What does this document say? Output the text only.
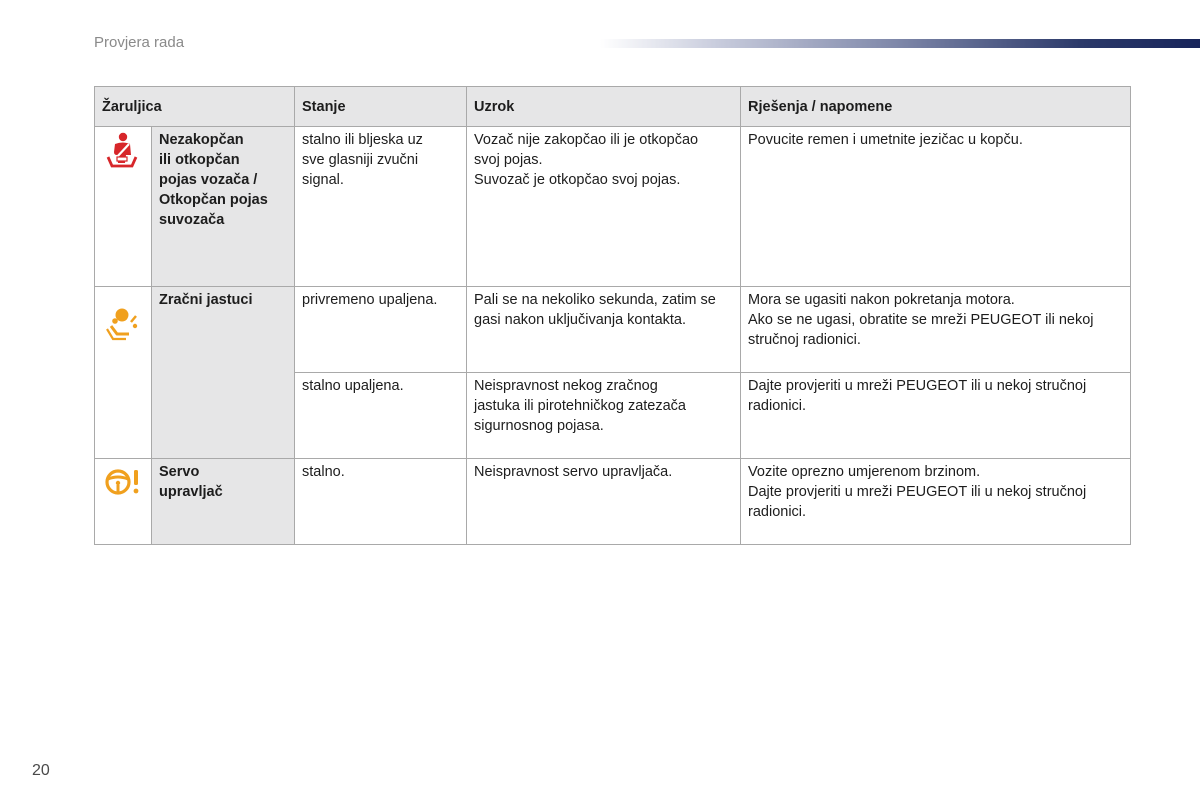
Provjera rada
Žaruljica		Stanje	Uzrok	Rješenja / napomene

Nezakopčan
ili otkopčan
pojas vozača /
Otkopčan pojas
suvozača	stalno ili bljeska uz
sve glasniji zvučni
signal.	Vozač nije zakopčao ili je otkopčao
svoj pojas.
Suvozač je otkopčao svoj pojas.	Povucite remen i umetnite jezičac u kopču.

Zračni jastuci	privremeno upaljena.	Pali se na nekoliko sekunda, zatim se
gasi nakon uključivanja kontakta.	Mora se ugasiti nakon pokretanja motora.
Ako se ne ugasi, obratite se mreži PEUGEOT ili nekoj
stručnoj radionici.

		stalno upaljena.	Neispravnost nekog zračnog
jastuka ili pirotehničkog zatezača
sigurnosnog pojasa.	Dajte provjeriti u mreži PEUGEOT ili u nekoj stručnoj
radionici.

Servo
upravljač	stalno.	Neispravnost servo upravljača.	Vozite oprezno umjerenom brzinom.
Dajte provjeriti u mreži PEUGEOT ili u nekoj stručnoj
radionici.
20
